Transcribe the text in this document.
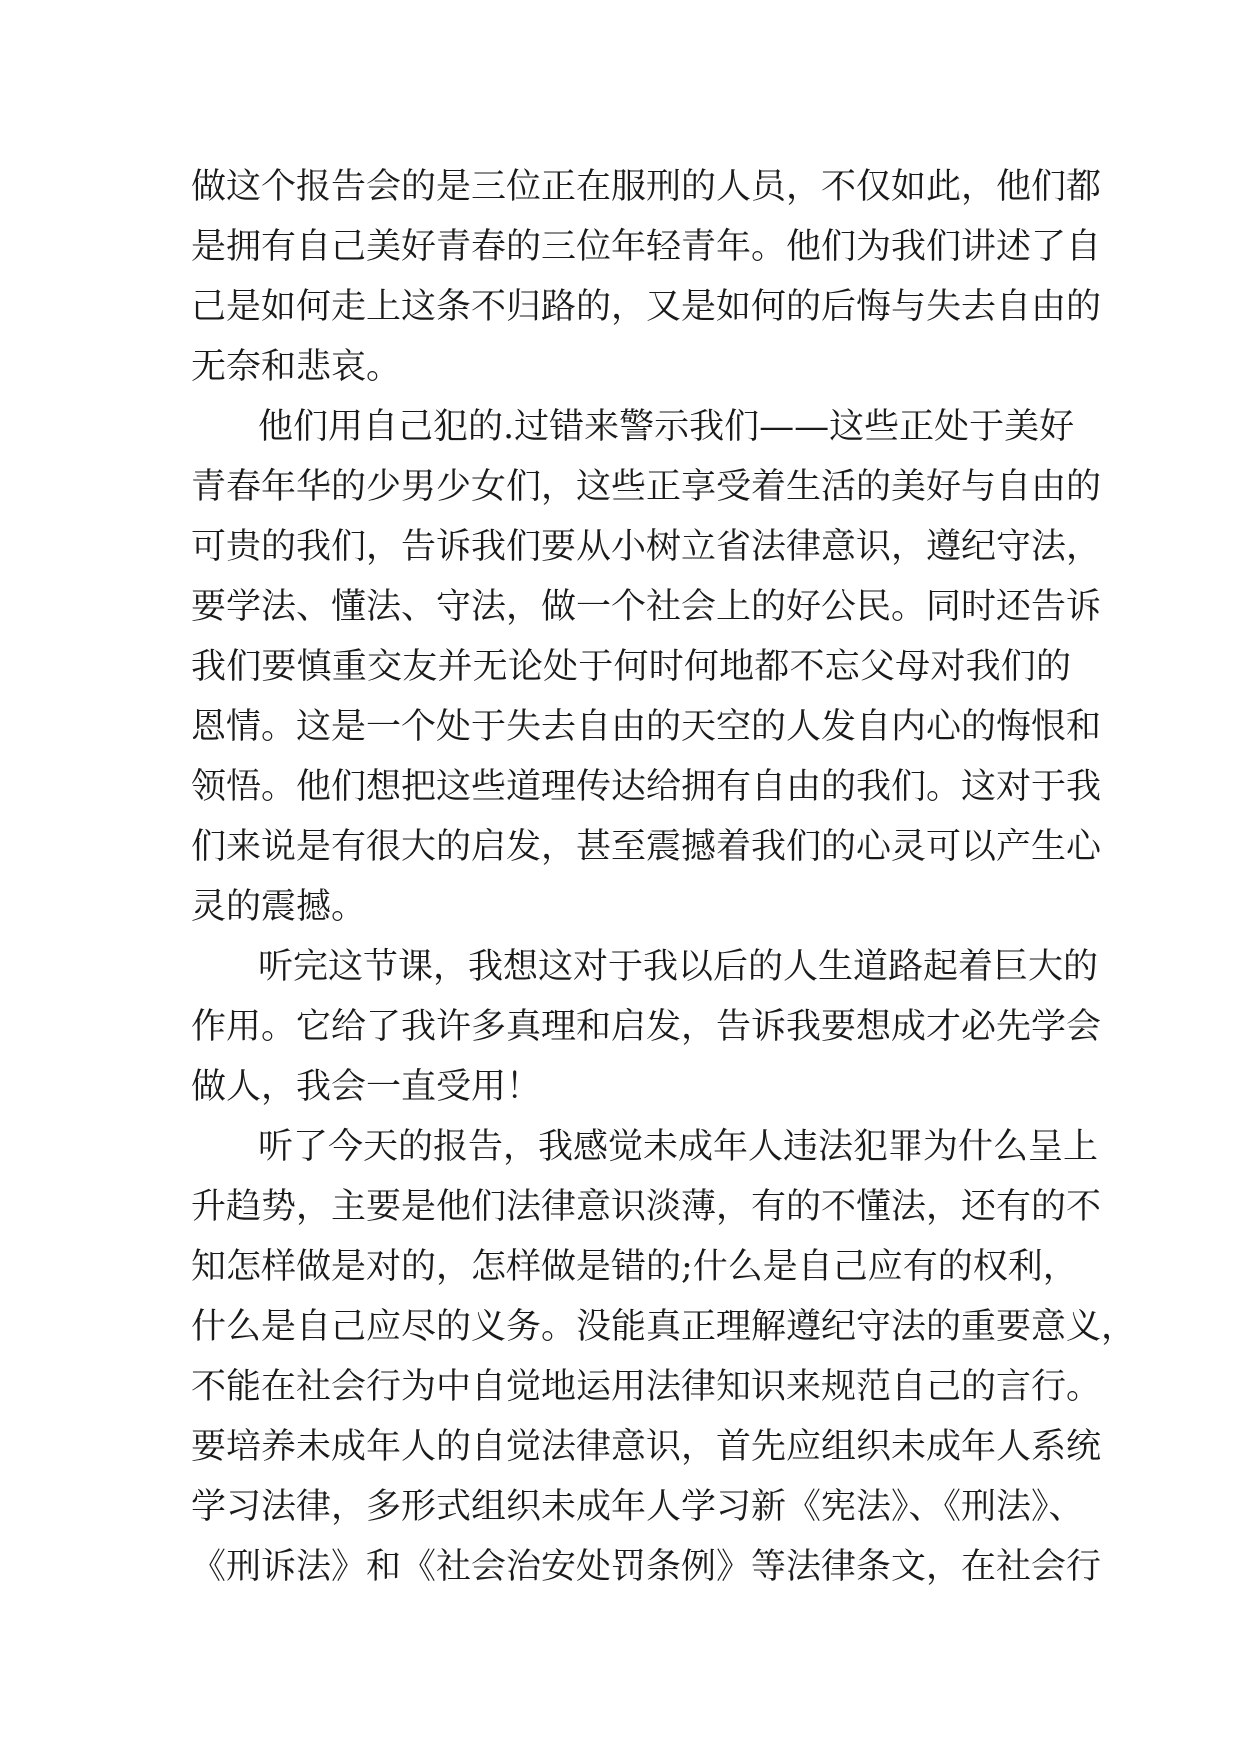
做这个报告会的是三位正在服刑的人员，不仅如此，他们都

是拥有自己美好青春的三位年轻青年。他们为我们讲述了自

己是如何走上这条不归路的，又是如何的后悔与失去自由的

无奈和悲哀。

他们用自己犯的.过错来警示我们——这些正处于美好

青春年华的少男少女们，这些正享受着生活的美好与自由的

可贵的我们，告诉我们要从小树立省法律意识，遵纪守法，

要学法、懂法、守法，做一个社会上的好公民。同时还告诉

我们要慎重交友并无论处于何时何地都不忘父母对我们的

恩情。这是一个处于失去自由的天空的人发自内心的悔恨和

领悟。他们想把这些道理传达给拥有自由的我们。这对于我

们来说是有很大的启发，甚至震撼着我们的心灵可以产生心

灵的震撼。

听完这节课，我想这对于我以后的人生道路起着巨大的

作用。它给了我许多真理和启发，告诉我要想成才必先学会

做人，我会一直受用！

听了今天的报告，我感觉未成年人违法犯罪为什么呈上

升趋势，主要是他们法律意识淡薄，有的不懂法，还有的不

知怎样做是对的，怎样做是错的;什么是自己应有的权利，

什么是自己应尽的义务。没能真正理解遵纪守法的重要意义，

不能在社会行为中自觉地运用法律知识来规范自己的言行。

要培养未成年人的自觉法律意识，首先应组织未成年人系统

学习法律，多形式组织未成年人学习新《宪法》、《刑法》、

《刑诉法》和《社会治安处罚条例》等法律条文，在社会行
